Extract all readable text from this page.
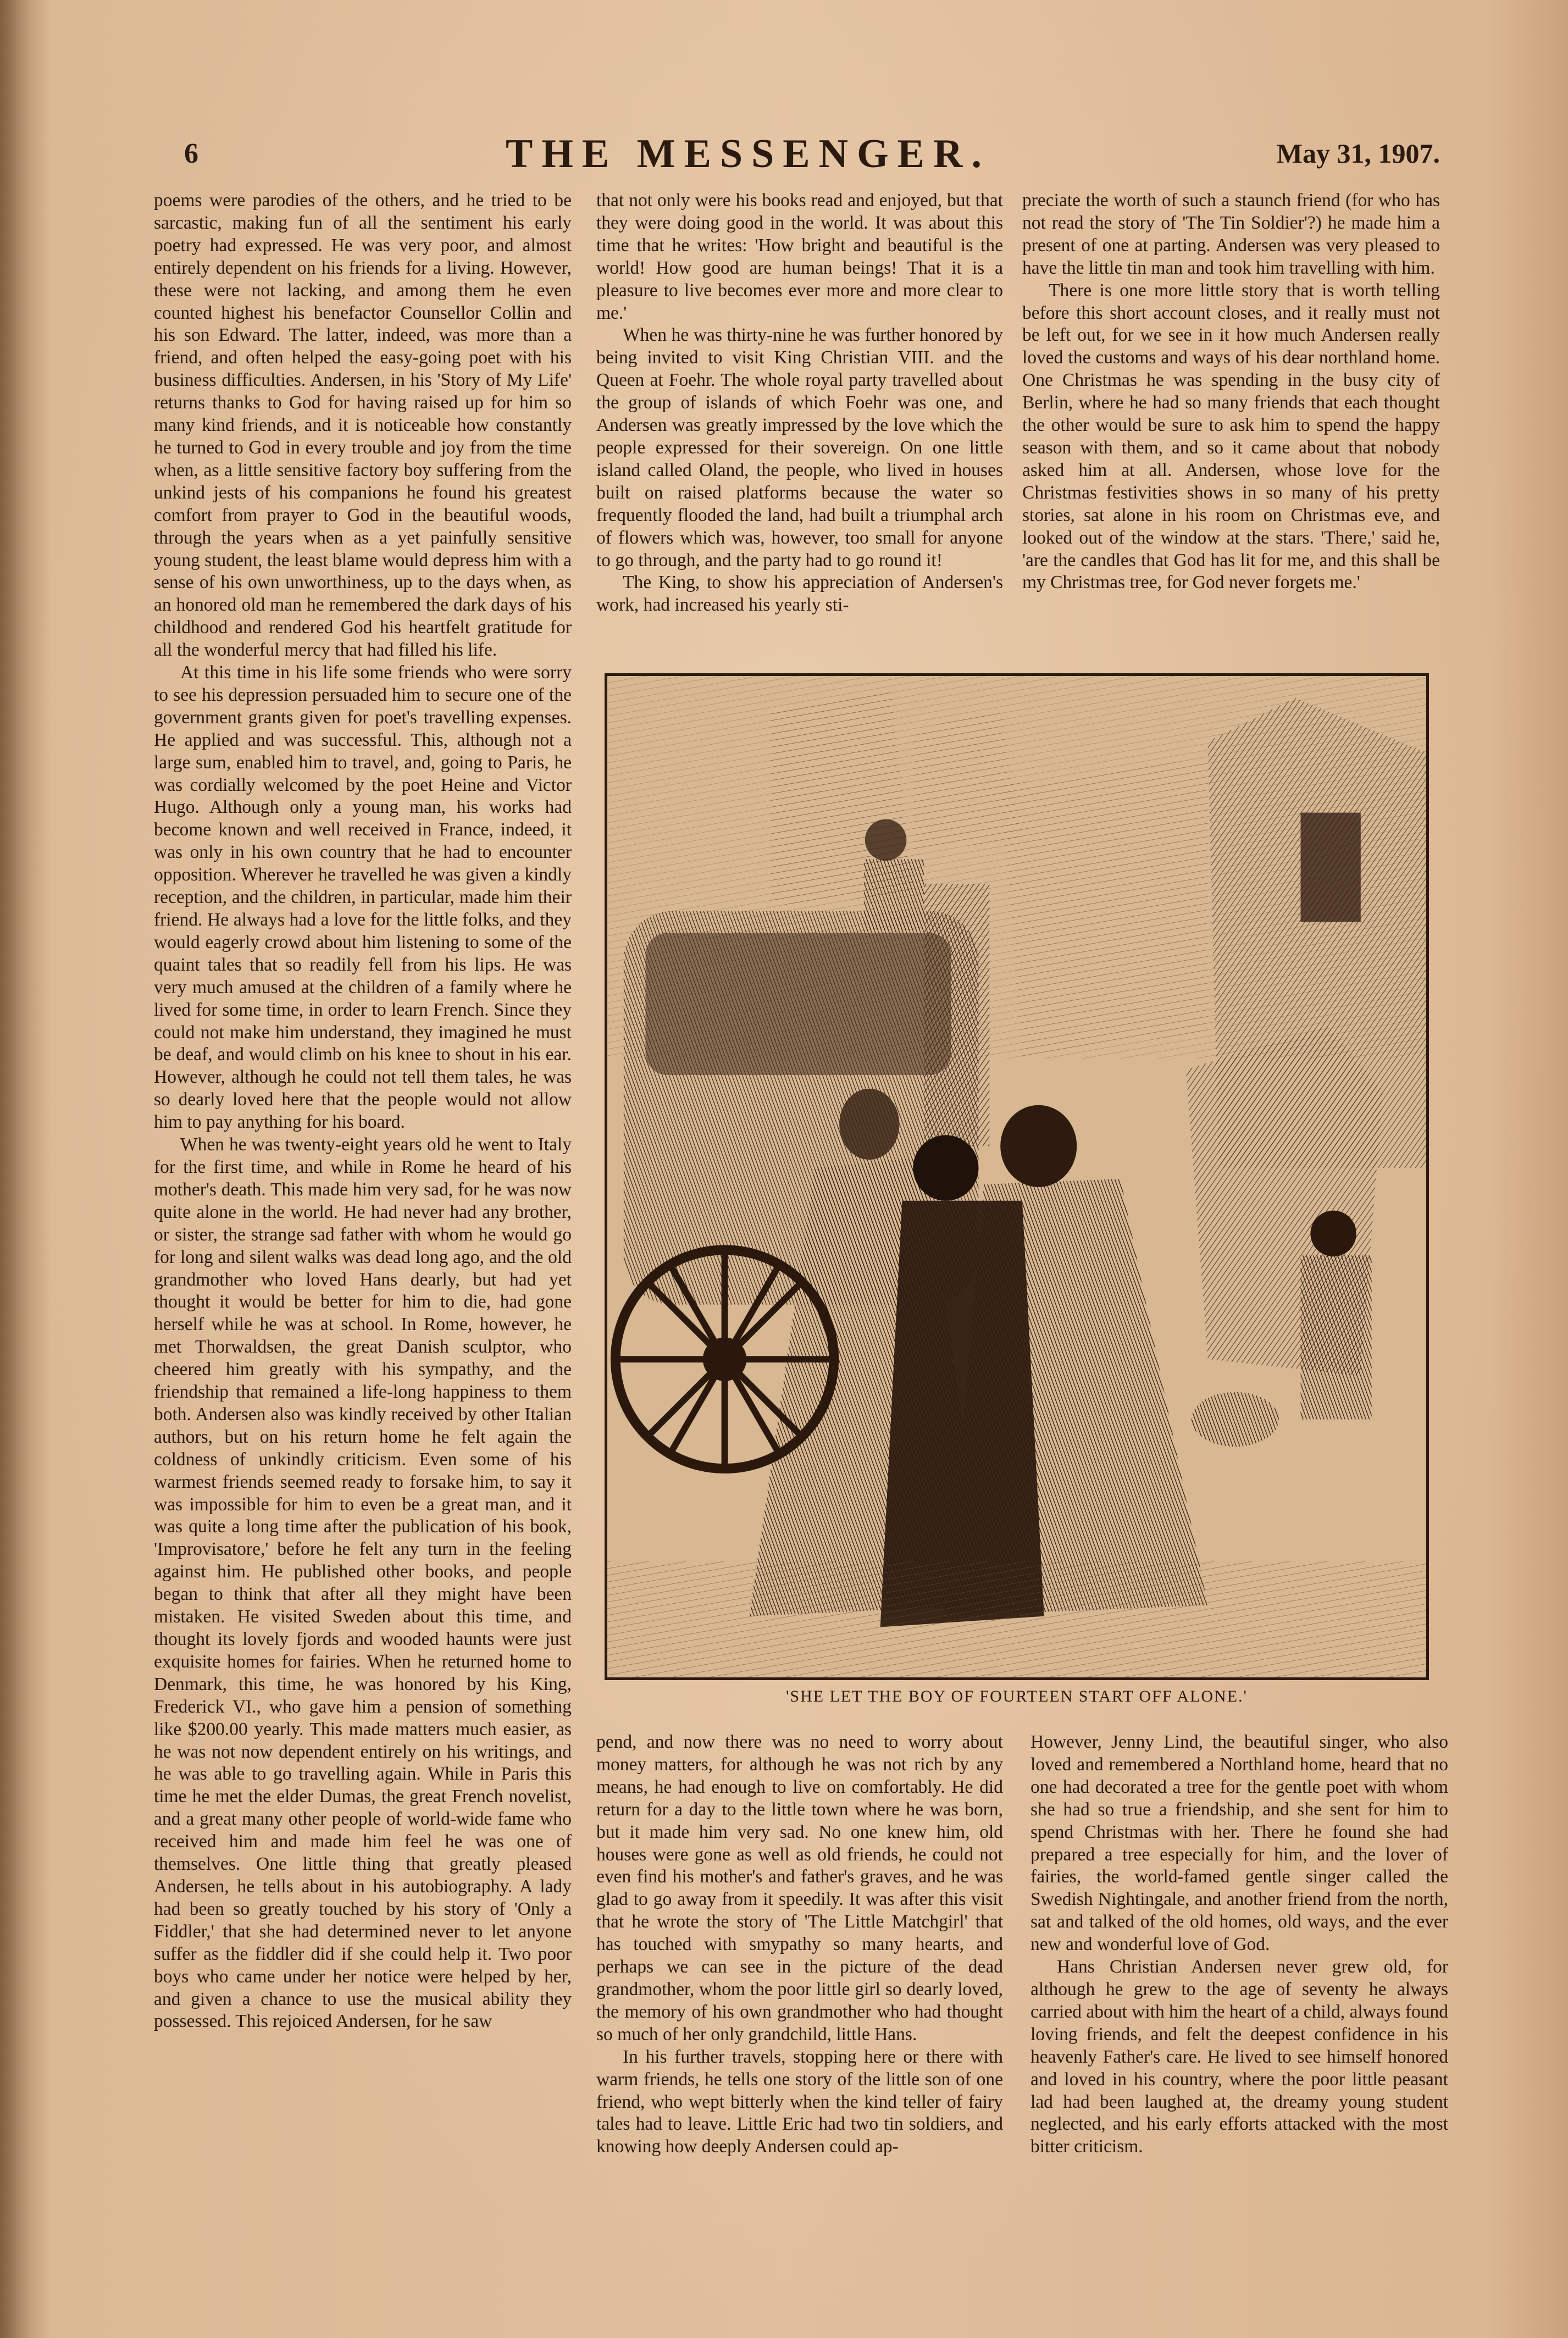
6	THE MESSENGER.	May 31, 1907.

poems were parodies of the others, and he tried to be sarcastic, making fun of all the sentiment his early poetry had expressed. He was very poor, and almost entirely dependent on his friends for a living. However, these were not lacking, and among them he even counted highest his benefactor Counsellor Collin and his son Edward. The latter, indeed, was more than a friend, and often helped the easy-going poet with his business difficulties. Andersen, in his 'Story of My Life' returns thanks to God for having raised up for him so many kind friends, and it is noticeable how constantly he turned to God in every trouble and joy from the time when, as a little sensitive factory boy suffering from the unkind jests of his companions he found his greatest comfort from prayer to God in the beautiful woods, through the years when as a yet painfully sensitive young student, the least blame would depress him with a sense of his own unworthiness, up to the days when, as an honored old man he remembered the dark days of his childhood and rendered God his heartfelt gratitude for all the wonderful mercy that had filled his life.

At this time in his life some friends who were sorry to see his depression persuaded him to secure one of the government grants given for poet's travelling expenses. He applied and was successful. This, although not a large sum, enabled him to travel, and, going to Paris, he was cordially welcomed by the poet Heine and Victor Hugo. Although only a young man, his works had become known and well received in France, indeed, it was only in his own country that he had to encounter opposition. Wherever he travelled he was given a kindly reception, and the children, in particular, made him their friend. He always had a love for the little folks, and they would eagerly crowd about him listening to some of the quaint tales that so readily fell from his lips. He was very much amused at the children of a family where he lived for some time, in order to learn French. Since they could not make him understand, they imagined he must be deaf, and would climb on his knee to shout in his ear. However, although he could not tell them tales, he was so dearly loved here that the people would not allow him to pay anything for his board.

When he was twenty-eight years old he went to Italy for the first time, and while in Rome he heard of his mother's death. This made him very sad, for he was now quite alone in the world. He had never had any brother, or sister, the strange sad father with whom he would go for long and silent walks was dead long ago, and the old grandmother who loved Hans dearly, but had yet thought it would be better for him to die, had gone herself while he was at school. In Rome, however, he met Thorwaldsen, the great Danish sculptor, who cheered him greatly with his sympathy, and the friendship that remained a life-long happiness to them both. Andersen also was kindly received by other Italian authors, but on his return home he felt again the coldness of unkindly criticism. Even some of his warmest friends seemed ready to forsake him, to say it was impossible for him to even be a great man, and it was quite a long time after the publication of his book, 'Improvisatore,' before he felt any turn in the feeling against him. He published other books, and people began to think that after all they might have been mistaken. He visited Sweden about this time, and thought its lovely fjords and wooded haunts were just exquisite homes for fairies. When he returned home to Denmark, this time, he was honored by his King, Frederick VI., who gave him a pension of something like $200.00 yearly. This made matters much easier, as he was not now dependent entirely on his writings, and he was able to go travelling again. While in Paris this time he met the elder Dumas, the great French novelist, and a great many other people of world-wide fame who received him and made him feel he was one of themselves. One little thing that greatly pleased Andersen, he tells about in his autobiography. A lady had been so greatly touched by his story of 'Only a Fiddler,' that she had determined never to let anyone suffer as the fiddler did if she could help it. Two poor boys who came under her notice were helped by her, and given a chance to use the musical ability they possessed. This rejoiced Andersen, for he saw

that not only were his books read and enjoyed, but that they were doing good in the world. It was about this time that he writes: 'How bright and beautiful is the world! How good are human beings! That it is a pleasure to live becomes ever more and more clear to me.'

When he was thirty-nine he was further honored by being invited to visit King Christian VIII. and the Queen at Foehr. The whole royal party travelled about the group of islands of which Foehr was one, and Andersen was greatly impressed by the love which the people expressed for their sovereign. On one little island called Oland, the people, who lived in houses built on raised platforms because the water so frequently flooded the land, had built a triumphal arch of flowers which was, however, too small for anyone to go through, and the party had to go round it!

The King, to show his appreciation of Andersen's work, had increased his yearly sti-

preciate the worth of such a staunch friend (for who has not read the story of 'The Tin Soldier'?) he made him a present of one at parting. Andersen was very pleased to have the little tin man and took him travelling with him.

There is one more little story that is worth telling before this short account closes, and it really must not be left out, for we see in it how much Andersen really loved the customs and ways of his dear northland home. One Christmas he was spending in the busy city of Berlin, where he had so many friends that each thought the other would be sure to ask him to spend the happy season with them, and so it came about that nobody asked him at all. Andersen, whose love for the Christmas festivities shows in so many of his pretty stories, sat alone in his room on Christmas eve, and looked out of the window at the stars. 'There,' said he, 'are the candles that God has lit for me, and this shall be my Christmas tree, for God never forgets me.'

'SHE LET THE BOY OF FOURTEEN START OFF ALONE.'

pend, and now there was no need to worry about money matters, for although he was not rich by any means, he had enough to live on comfortably. He did return for a day to the little town where he was born, but it made him very sad. No one knew him, old houses were gone as well as old friends, he could not even find his mother's and father's graves, and he was glad to go away from it speedily. It was after this visit that he wrote the story of 'The Little Matchgirl' that has touched with smypathy so many hearts, and perhaps we can see in the picture of the dead grandmother, whom the poor little girl so dearly loved, the memory of his own grandmother who had thought so much of her only grandchild, little Hans.

In his further travels, stopping here or there with warm friends, he tells one story of the little son of one friend, who wept bitterly when the kind teller of fairy tales had to leave. Little Eric had two tin soldiers, and knowing how deeply Andersen could ap-

However, Jenny Lind, the beautiful singer, who also loved and remembered a Northland home, heard that no one had decorated a tree for the gentle poet with whom she had so true a friendship, and she sent for him to spend Christmas with her. There he found she had prepared a tree especially for him, and the lover of fairies, the world-famed gentle singer called the Swedish Nightingale, and another friend from the north, sat and talked of the old homes, old ways, and the ever new and wonderful love of God.

Hans Christian Andersen never grew old, for although he grew to the age of seventy he always carried about with him the heart of a child, always found loving friends, and felt the deepest confidence in his heavenly Father's care. He lived to see himself honored and loved in his country, where the poor little peasant lad had been laughed at, the dreamy young student neglected, and his early efforts attacked with the most bitter criticism.
